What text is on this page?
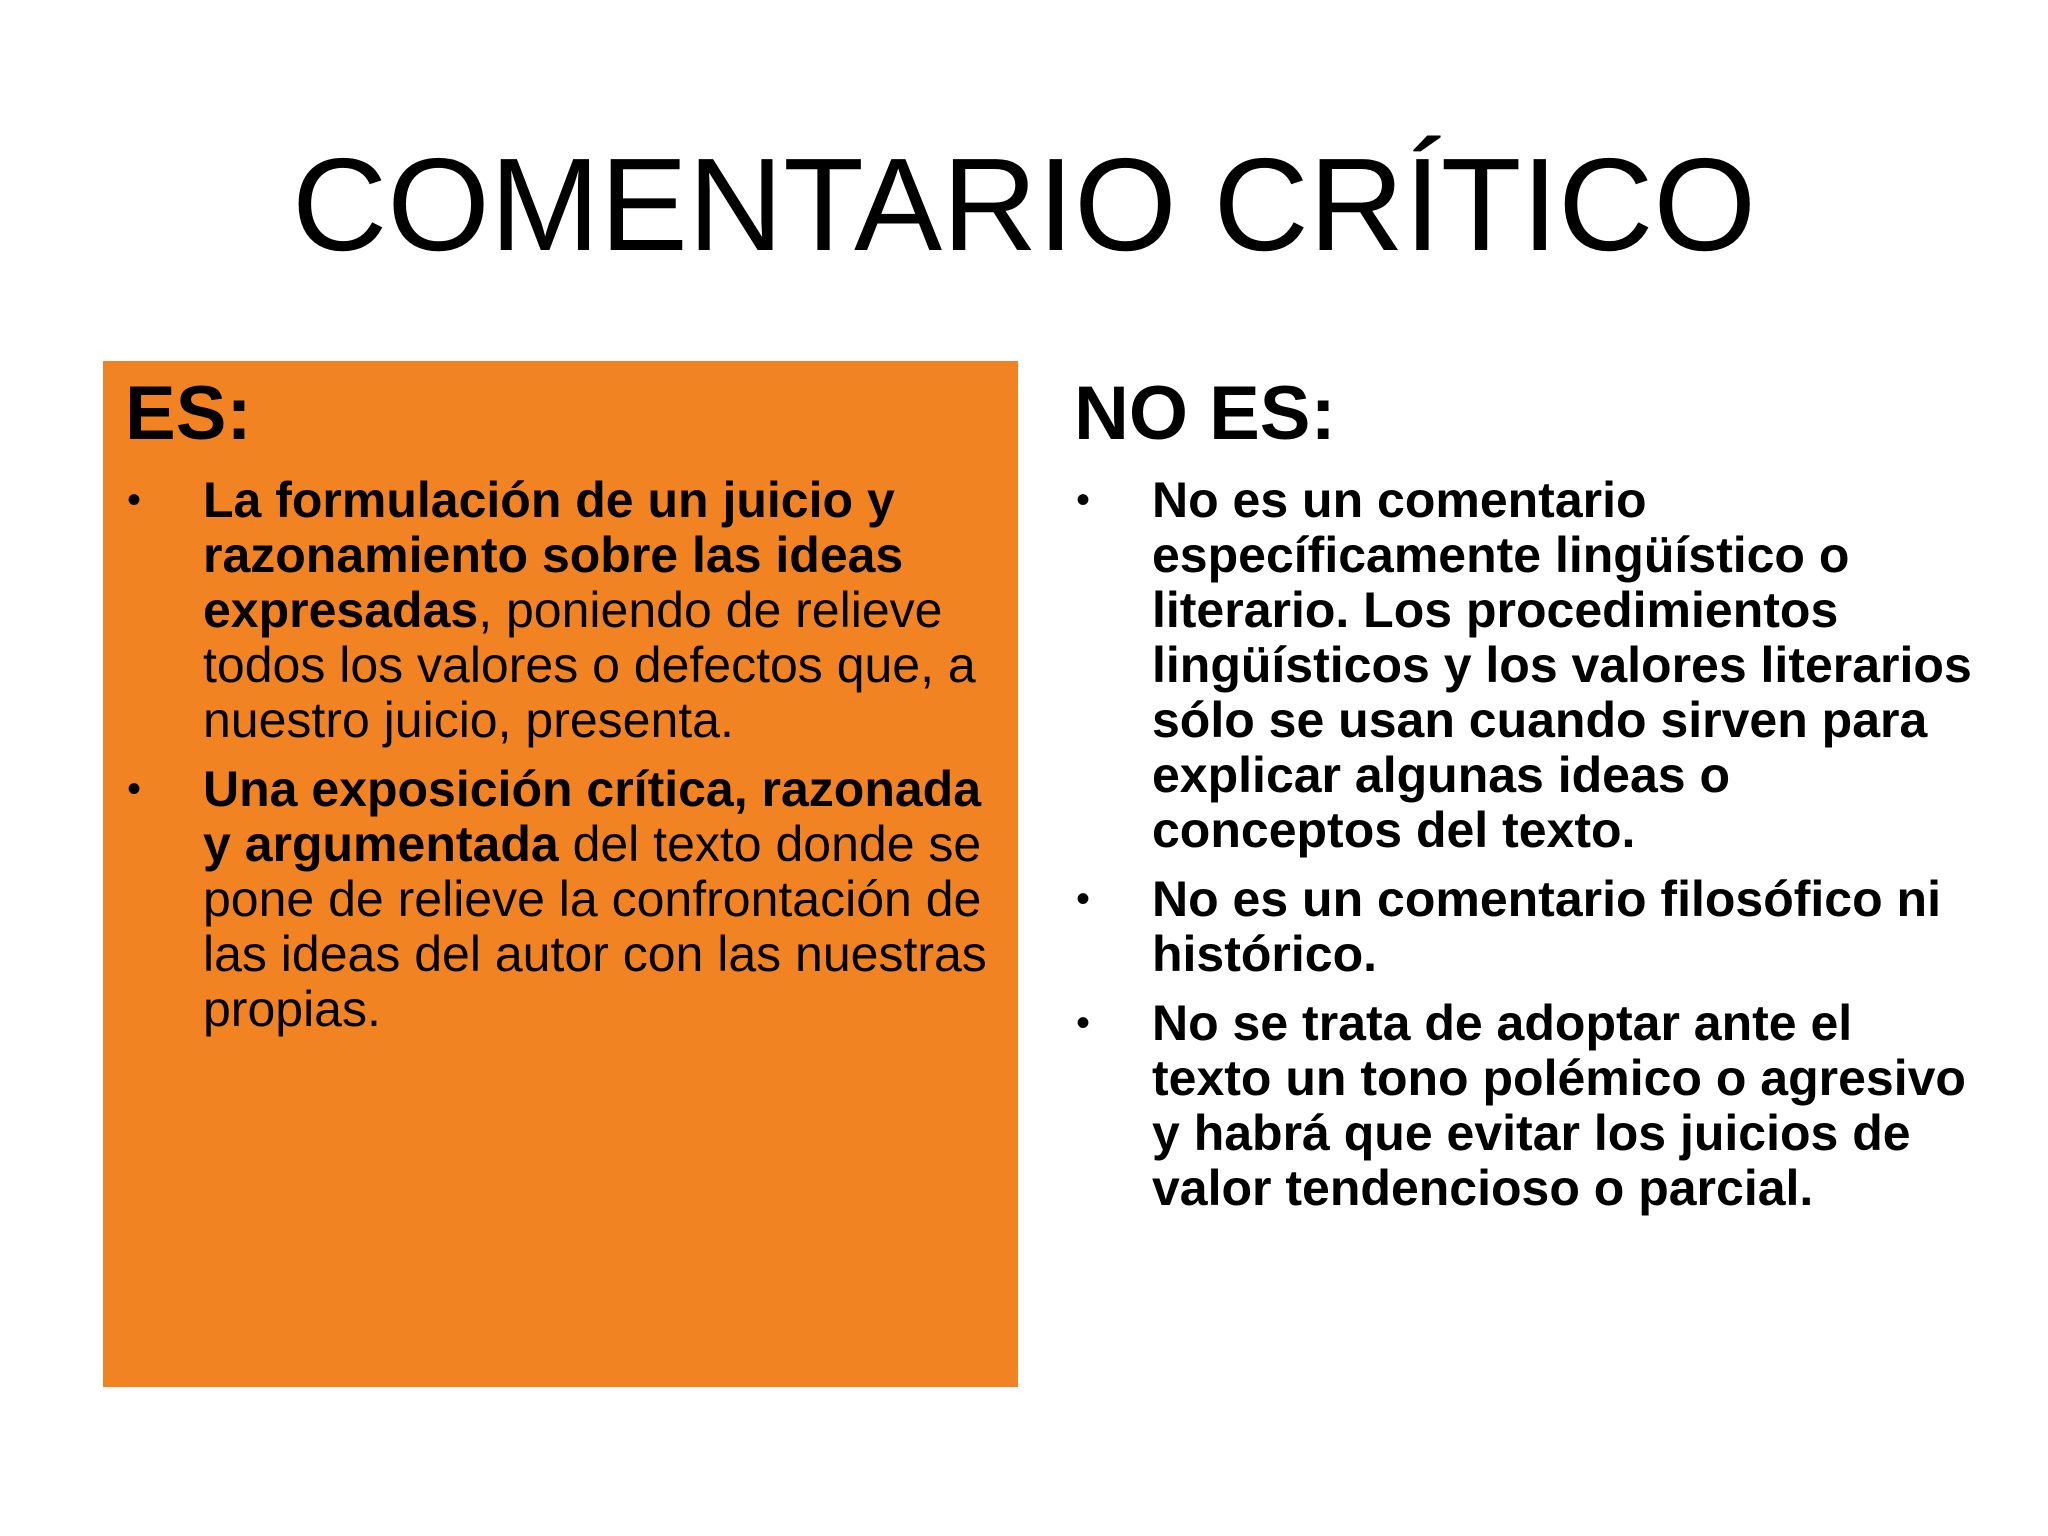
COMENTARIO CRÍTICO
ES:
• La formulación de un juicio y razonamiento sobre las ideas expresadas, poniendo de relieve todos los valores o defectos que, a nuestro juicio, presenta.
• Una exposición crítica, razonada y argumentada del texto donde se pone de relieve la confrontación de las ideas del autor con las nuestras propias.
NO ES:
• No es un comentario específicamente lingüístico o literario. Los procedimientos lingüísticos y los valores literarios sólo se usan cuando sirven para explicar algunas ideas o conceptos del texto.
• No es un comentario filosófico ni histórico.
• No se trata de adoptar ante el texto un tono polémico o agresivo y habrá que evitar los juicios de valor tendencioso o parcial.
